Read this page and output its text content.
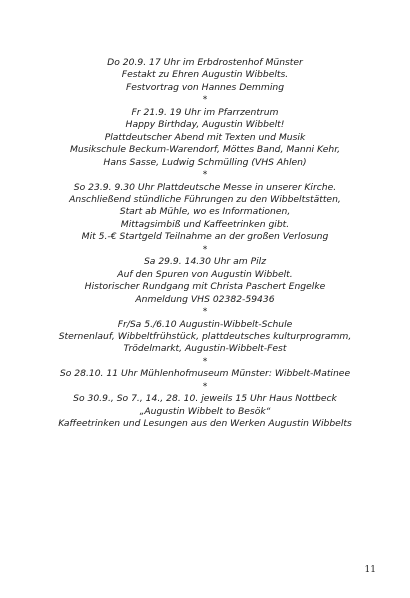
Do 20.9. 17 Uhr im Erbdrostenhof Münster
Festakt zu Ehren Augustin Wibbelts.
Festvortrag von Hannes Demming
*
Fr 21.9. 19 Uhr im Pfarrzentrum
Happy Birthday, Augustin Wibbelt!
Plattdeutscher Abend mit Texten und Musik
Musikschule Beckum-Warendorf, Möttes Band, Manni Kehr,
Hans Sasse, Ludwig Schmülling (VHS Ahlen)
*
So 23.9. 9.30 Uhr Plattdeutsche Messe in unserer Kirche.
Anschließend stündliche Führungen zu den Wibbeltstätten,
Start ab Mühle, wo es Informationen,
Mittagsimbiß und Kaffeetrinken gibt.
Mit 5.-€ Startgeld Teilnahme an der großen Verlosung
*
Sa 29.9. 14.30 Uhr am Pilz
Auf den Spuren von Augustin Wibbelt.
Historischer Rundgang mit Christa Paschert Engelke
Anmeldung VHS 02382-59436
*
Fr/Sa 5./6.10 Augustin-Wibbelt-Schule
Sternenlauf, Wibbeltfrühstück, plattdeutsches kulturprogramm,
Trödelmarkt, Augustin-Wibbelt-Fest
*
So 28.10. 11 Uhr Mühlenhofmuseum Münster: Wibbelt-Matinee
*
So 30.9., So 7., 14., 28. 10. jeweils 15 Uhr Haus Nottbeck
„Augustin Wibbelt to Besök“
Kaffeetrinken und Lesungen aus den Werken Augustin Wibbelts
11
